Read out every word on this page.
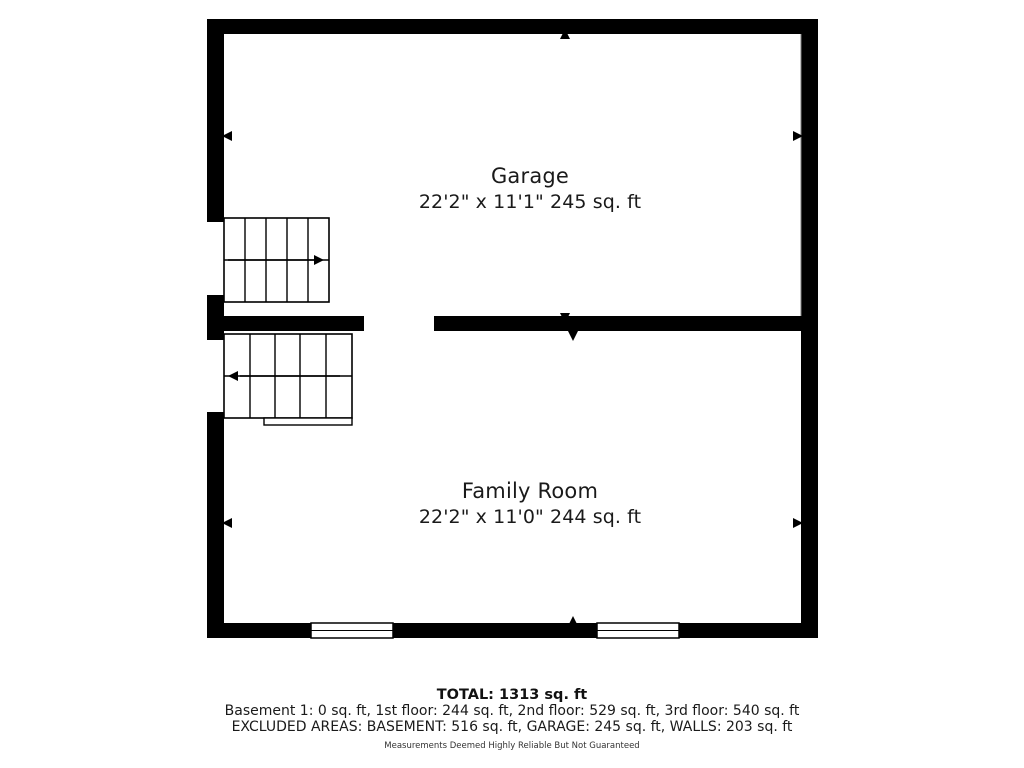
Garage
22'2" x 11'1" 245 sq. ft
Family Room
22'2" x 11'0" 244 sq. ft
TOTAL: 1313 sq. ft
Basement 1: 0 sq. ft, 1st floor: 244 sq. ft, 2nd floor: 529 sq. ft, 3rd floor: 540 sq. ft
EXCLUDED AREAS: BASEMENT: 516 sq. ft, GARAGE: 245 sq. ft, WALLS: 203 sq. ft
Measurements Deemed Highly Reliable But Not Guaranteed
